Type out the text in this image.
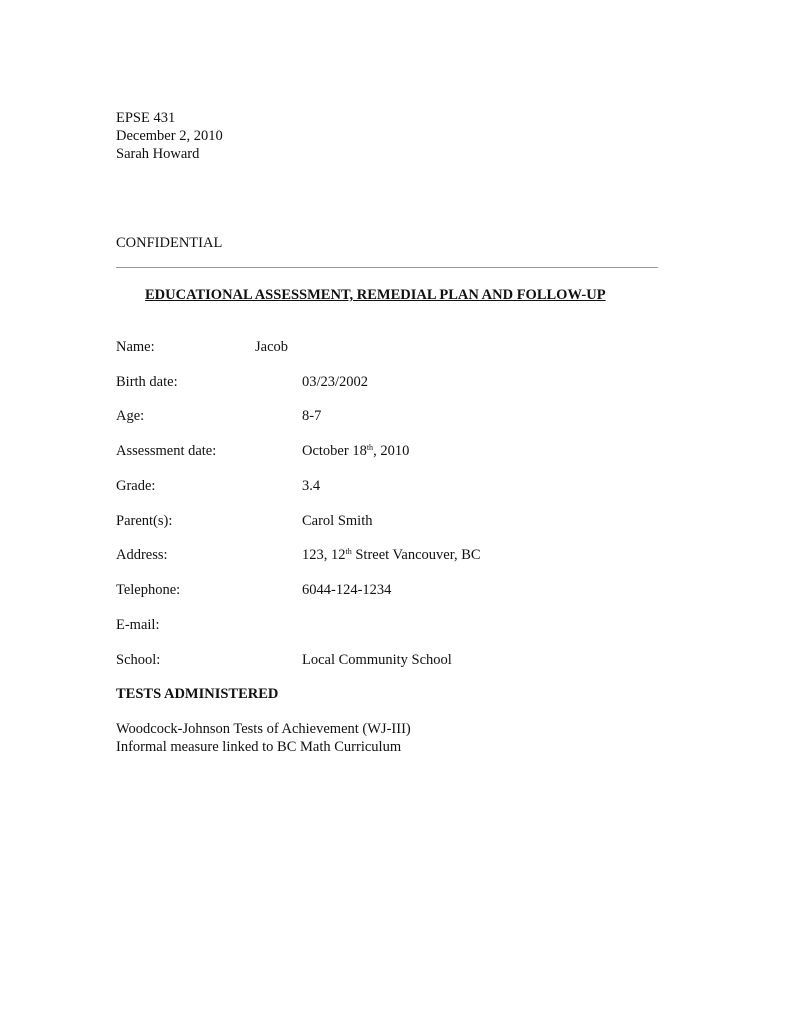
EPSE 431
December 2, 2010
Sarah Howard
CONFIDENTIAL
EDUCATIONAL ASSESSMENT, REMEDIAL PLAN AND FOLLOW-UP
Name:	Jacob
Birth date:	03/23/2002
Age:	8-7
Assessment date:	October 18th, 2010
Grade:	3.4
Parent(s):	Carol Smith
Address:	123, 12th Street Vancouver, BC
Telephone:	6044-124-1234
E-mail:
School:	Local Community School
TESTS ADMINISTERED
Woodcock-Johnson Tests of Achievement (WJ-III)
Informal measure linked to BC Math Curriculum
